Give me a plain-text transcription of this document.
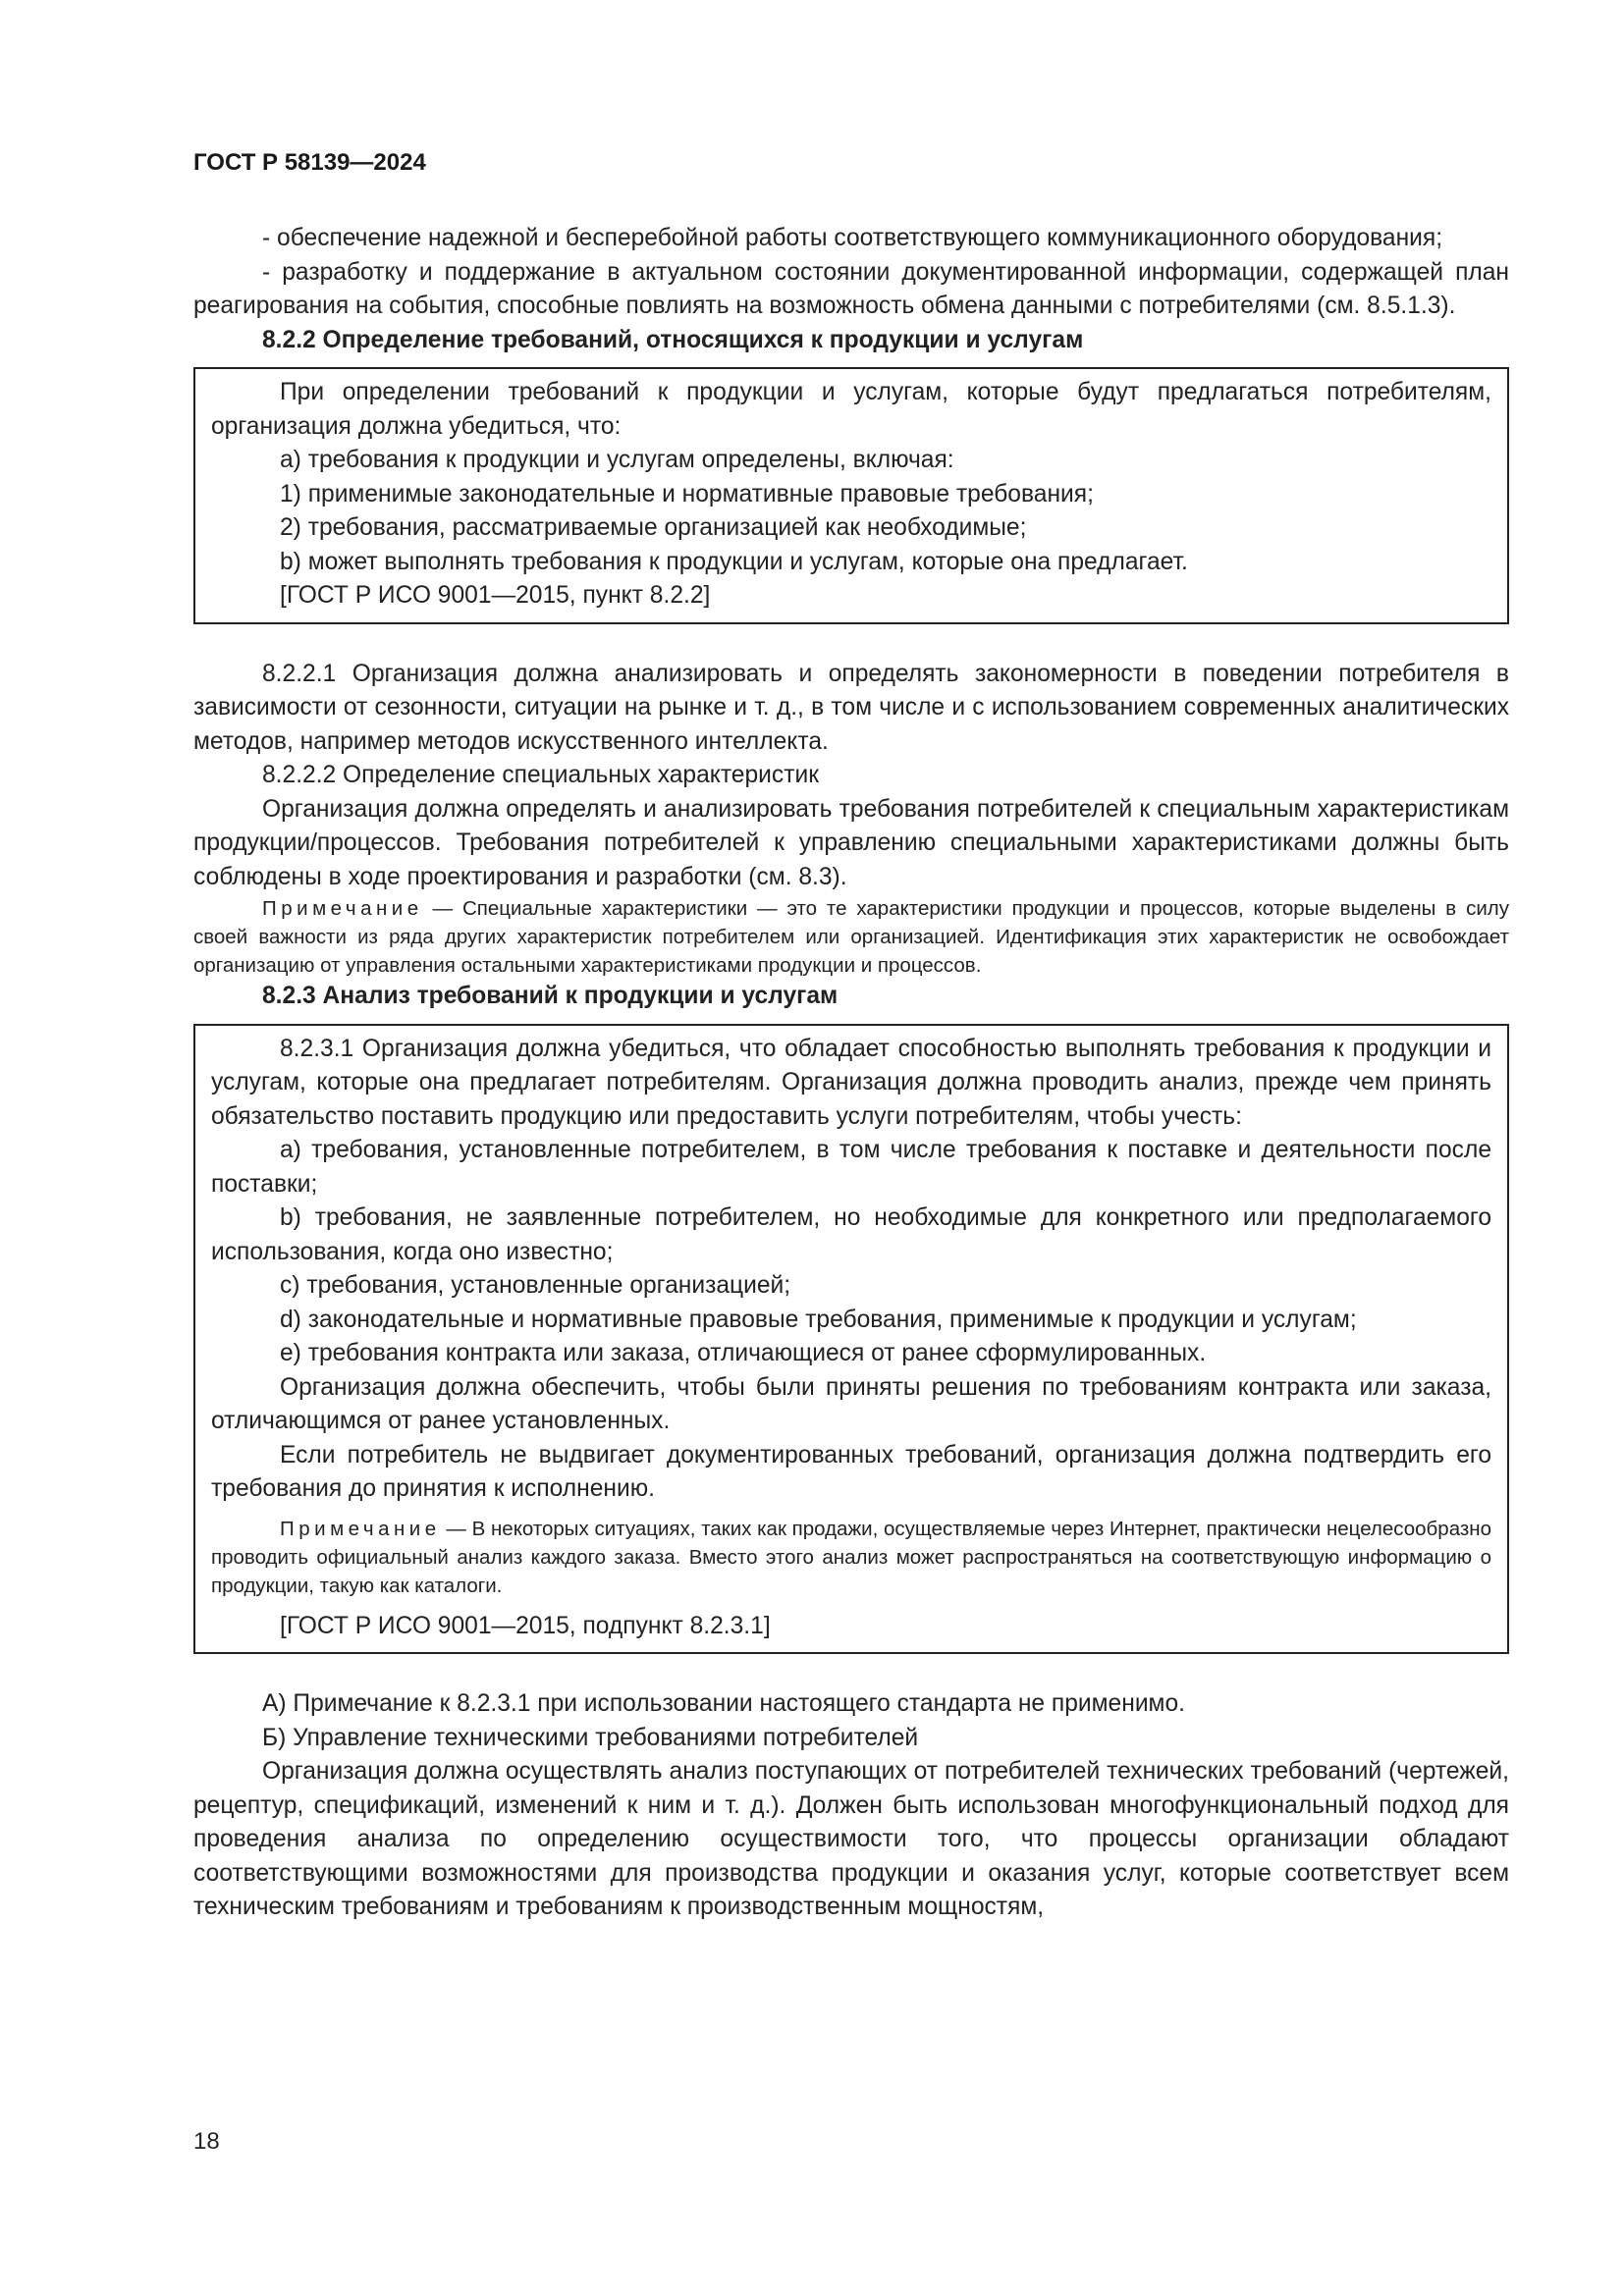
ГОСТ Р 58139—2024

- обеспечение надежной и бесперебойной работы соответствующего коммуникационного оборудования;

- разработку и поддержание в актуальном состоянии документированной информации, содержащей план реагирования на события, способные повлиять на возможность обмена данными с потребителями (см. 8.5.1.3).

8.2.2 Определение требований, относящихся к продукции и услугам

При определении требований к продукции и услугам, которые будут предлагаться потребителям, организация должна убедиться, что:

a) требования к продукции и услугам определены, включая:

1) применимые законодательные и нормативные правовые требования;

2) требования, рассматриваемые организацией как необходимые;

b) может выполнять требования к продукции и услугам, которые она предлагает.

[ГОСТ Р ИСО 9001—2015, пункт 8.2.2]

8.2.2.1 Организация должна анализировать и определять закономерности в поведении потребителя в зависимости от сезонности, ситуации на рынке и т. д., в том числе и с использованием современных аналитических методов, например методов искусственного интеллекта.

8.2.2.2 Определение специальных характеристик

Организация должна определять и анализировать требования потребителей к специальным характеристикам продукции/процессов. Требования потребителей к управлению специальными характеристиками должны быть соблюдены в ходе проектирования и разработки (см. 8.3).

Примечание — Специальные характеристики — это те характеристики продукции и процессов, которые выделены в силу своей важности из ряда других характеристик потребителем или организацией. Идентификация этих характеристик не освобождает организацию от управления остальными характеристиками продукции и процессов.

8.2.3 Анализ требований к продукции и услугам

8.2.3.1 Организация должна убедиться, что обладает способностью выполнять требования к продукции и услугам, которые она предлагает потребителям. Организация должна проводить анализ, прежде чем принять обязательство поставить продукцию или предоставить услуги потребителям, чтобы учесть:

a) требования, установленные потребителем, в том числе требования к поставке и деятельности после поставки;

b) требования, не заявленные потребителем, но необходимые для конкретного или предполагаемого использования, когда оно известно;

c) требования, установленные организацией;

d) законодательные и нормативные правовые требования, применимые к продукции и услугам;

e) требования контракта или заказа, отличающиеся от ранее сформулированных.

Организация должна обеспечить, чтобы были приняты решения по требованиям контракта или заказа, отличающимся от ранее установленных.

Если потребитель не выдвигает документированных требований, организация должна подтвердить его требования до принятия к исполнению.

Примечание — В некоторых ситуациях, таких как продажи, осуществляемые через Интернет, практически нецелесообразно проводить официальный анализ каждого заказа. Вместо этого анализ может распространяться на соответствующую информацию о продукции, такую как каталоги.

[ГОСТ Р ИСО 9001—2015, подпункт 8.2.3.1]

А) Примечание к 8.2.3.1 при использовании настоящего стандарта не применимо.

Б) Управление техническими требованиями потребителей

Организация должна осуществлять анализ поступающих от потребителей технических требований (чертежей, рецептур, спецификаций, изменений к ним и т. д.). Должен быть использован многофункциональный подход для проведения анализа по определению осуществимости того, что процессы организации обладают соответствующими возможностями для производства продукции и оказания услуг, которые соответствует всем техническим требованиям и требованиям к производственным мощностям,

18
